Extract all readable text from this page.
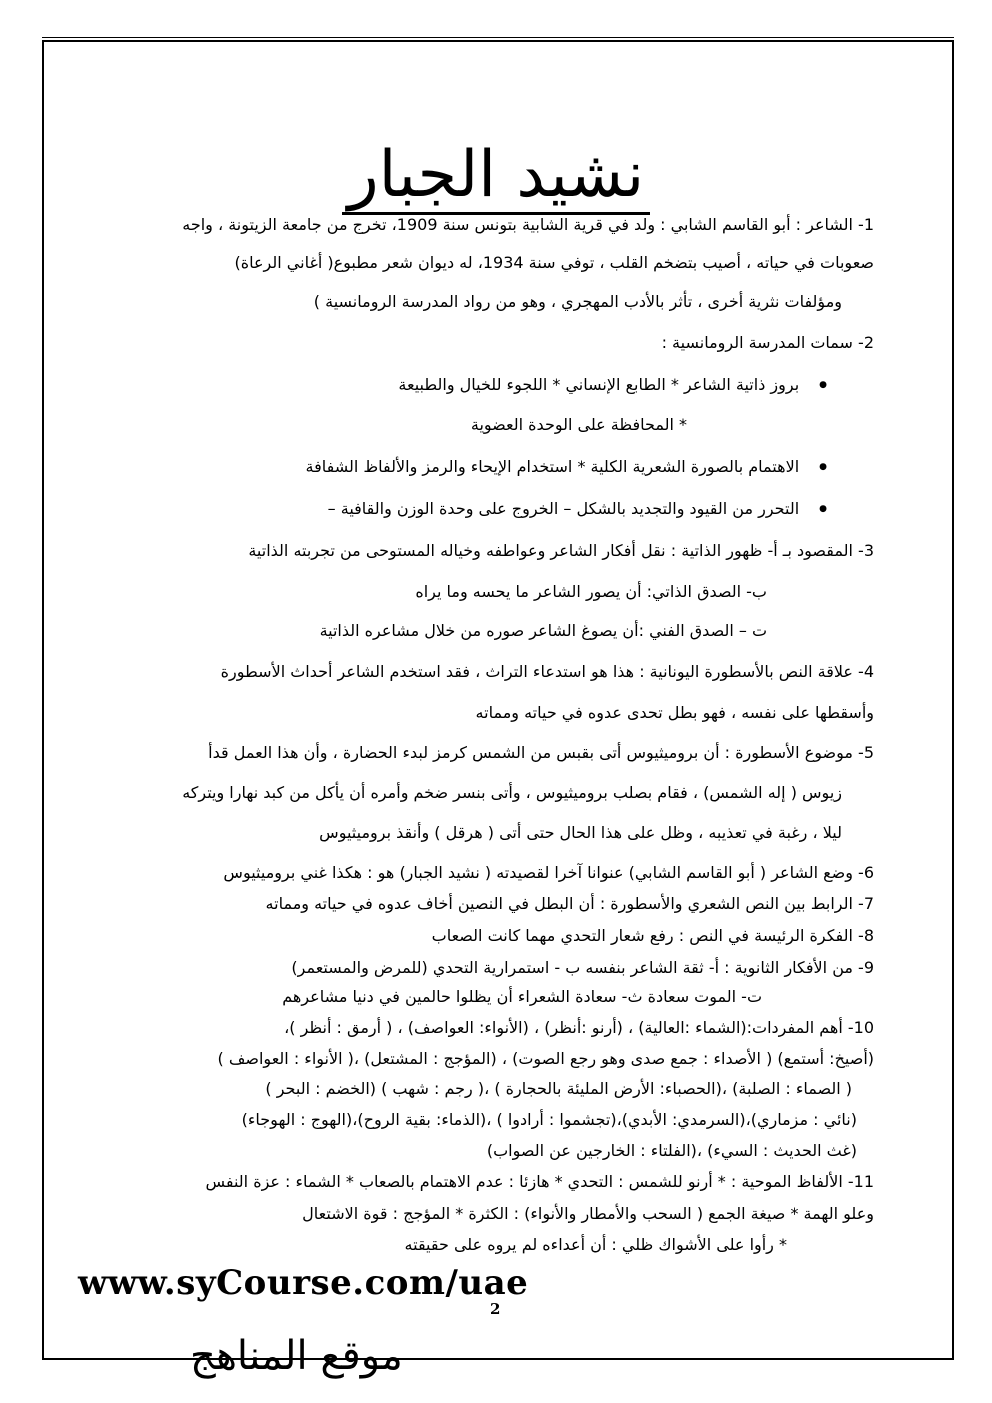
نشيد الجبار
1- الشاعر : أبو القاسم الشابي : ولد في قرية الشابية بتونس سنة 1909، تخرج من جامعة الزيتونة ، واجه
صعوبات في حياته ، أصيب بتضخم القلب ، توفي سنة 1934، له ديوان شعر مطبوع( أغاني الرعاة)
ومؤلفات نثرية أخرى ، تأثر بالأدب المهجري ، وهو من رواد المدرسة الرومانسية )
2- سمات المدرسة الرومانسية :
● بروز ذاتية الشاعر * الطابع الإنساني * اللجوء للخيال والطبيعة
* المحافظة على الوحدة العضوية
● الاهتمام بالصورة الشعرية الكلية * استخدام الإيحاء والرمز والألفاظ الشفافة
● التحرر من القيود والتجديد بالشكل – الخروج على وحدة الوزن والقافية –
3- المقصود بـ أ- ظهور الذاتية : نقل أفكار الشاعر وعواطفه وخياله المستوحى من تجربته الذاتية
ب- الصدق الذاتي: أن يصور الشاعر ما يحسه وما يراه
ت – الصدق الفني :أن يصوغ الشاعر صوره من خلال مشاعره الذاتية
4- علاقة النص بالأسطورة اليونانية : هذا هو استدعاء التراث ، فقد استخدم الشاعر أحداث الأسطورة
وأسقطها على نفسه ، فهو بطل تحدى عدوه في حياته ومماته
5- موضوع الأسطورة : أن بروميثيوس أتى بقبس من الشمس كرمز لبدء الحضارة ، وأن هذا العمل قدأ
زيوس ( إله الشمس) ، فقام بصلب بروميثيوس ، وأتى بنسر ضخم وأمره أن يأكل من كبد نهارا ويتركه
ليلا ، رغبة في تعذيبه ، وظل على هذا الحال حتى أتى ( هرقل ) وأنقذ بروميثيوس
6- وضع الشاعر ( أبو القاسم الشابي) عنوانا آخرا لقصيدته ( نشيد الجبار) هو : هكذا غني بروميثيوس
7- الرابط بين النص الشعري والأسطورة : أن البطل في النصين أخاف عدوه في حياته ومماته
8- الفكرة الرئيسة في النص : رفع شعار التحدي مهما كانت الصعاب
9- من الأفكار الثانوية : أ- ثقة الشاعر بنفسه ب - استمرارية التحدي (للمرض والمستعمر)
ت- الموت سعادة ث- سعادة الشعراء أن يظلوا حالمين في دنيا مشاعرهم
10- أهم المفردات:(الشماء :العالية) ، (أرنو :أنظر) ، (الأنواء: العواصف) ، ( أرمق : أنظر )،
(أصيخ: أستمع) ( الأصداء : جمع صدى وهو رجع الصوت) ، (المؤجج : المشتعل) ،( الأنواء : العواصف )
( الصماء : الصلبة) ،(الحصباء: الأرض المليئة بالحجارة ) ،( رجم : شهب ) (الخضم : البحر )
(نائي : مزماري)،(السرمدي: الأبدي)،(تجشموا : أرادوا ) ،(الذماء: بقية الروح)،(الهوج : الهوجاء)
(غث الحديث : السيء) ،(الفلتاء : الخارجين عن الصواب)
11- الألفاظ الموحية : * أرنو للشمس : التحدي * هازئا : عدم الاهتمام بالصعاب * الشماء : عزة النفس
وعلو الهمة * صيغة الجمع ( السحب والأمطار والأنواء) : الكثرة * المؤجج : قوة الاشتعال
* رأوا على الأشواك ظلي : أن أعداءه لم يروه على حقيقته
www.syCourse.com/uae
2
موقع المناهج
